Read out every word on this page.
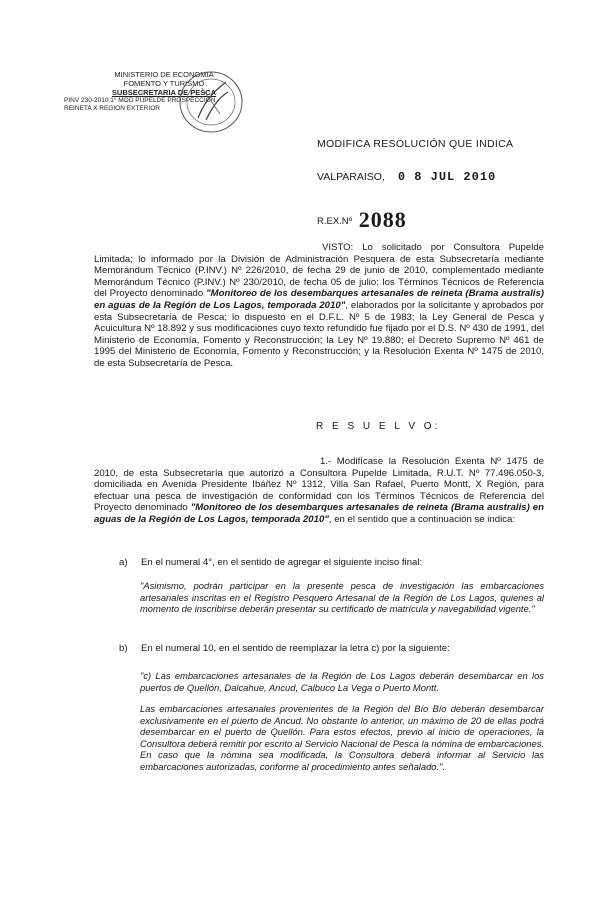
MINISTERIO DE ECONOMIA
FOMENTO Y TURISMO
SUBSECRETARIA DE PESCA
PINV 230-2010 1° MOD PUPELDE PROSPECCION
REINETA X REGION EXTERIOR
MODIFICA RESOLUCIÓN QUE INDICA
VALPARAISO, 0 8 JUL 2010
R.EX.Nº 2088
VISTO: Lo solicitado por Consultora Pupelde Limitada; lo informado por la División de Administración Pesquera de esta Subsecretaría mediante Memorándum Técnico (P.INV.) Nº 226/2010, de fecha 29 de junio de 2010, complementado mediante Memorándum Técnico (P.INV.) Nº 230/2010, de fecha 05 de julio; los Términos Técnicos de Referencia del Proyecto denominado "Monitoreo de los desembarques artesanales de reineta (Brama australis) en aguas de la Región de Los Lagos, temporada 2010", elaborados por la solicitante y aprobados por esta Subsecretaría de Pesca; lo dispuesto en el D.F.L. Nº 5 de 1983; la Ley General de Pesca y Acuicultura Nº 18.892 y sus modificaciones cuyo texto refundido fue fijado por el D.S. Nº 430 de 1991, del Ministerio de Economía, Fomento y Reconstrucción; la Ley Nº 19.880; el Decreto Supremo Nº 461 de 1995 del Ministerio de Economía, Fomento y Reconstrucción; y la Resolución Exenta Nº 1475 de 2010, de esta Subsecretaría de Pesca.
R E S U E L V O:
1.- Modifícase la Resolución Exenta Nº 1475 de 2010, de esta Subsecretaría que autorizó a Consultora Pupelde Limitada, R.U.T. Nº 77.496.050-3, domiciliada en Avenida Presidente Ibáñez Nº 1312, Villa San Rafael, Puerto Montt, X Región, para efectuar una pesca de investigación de conformidad con los Términos Técnicos de Referencia del Proyecto denominado "Monitoreo de los desembarques artesanales de reineta (Brama australis) en aguas de la Región de Los Lagos, temporada 2010", en el sentido que a continuación se indica:
a) En el numeral 4°, en el sentido de agregar el siguiente inciso final:
"Asimismo, podrán participar en la presente pesca de investigación las embarcaciones artesanales inscritas en el Registro Pesquero Artesanal de la Región de Los Lagos, quienes al momento de inscribirse deberán presentar su certificado de matrícula y navegabilidad vigente."
b) En el numeral 10, en el sentido de reemplazar la letra c) por la siguiente:
"c) Las embarcaciones artesanales de la Región de Los Lagos deberán desembarcar en los puertos de Quellón, Dalcahue, Ancud, Calbuco La Vega o Puerto Montt.
Las embarcaciones artesanales provenientes de la Región del Bío Bío deberán desembarcar exclusivamente en el puerto de Ancud. No obstante lo anterior, un máximo de 20 de ellas podrá desembarcar en el puerto de Quellón. Para estos efectos, previo al inicio de operaciones, la Consultora deberá remitir por escrito al Servicio Nacional de Pesca la nómina de embarcaciones. En caso que la nómina sea modificada, la Consultora deberá informar al Servicio las embarcaciones autorizadas, conforme al procedimiento antes señalado.".
